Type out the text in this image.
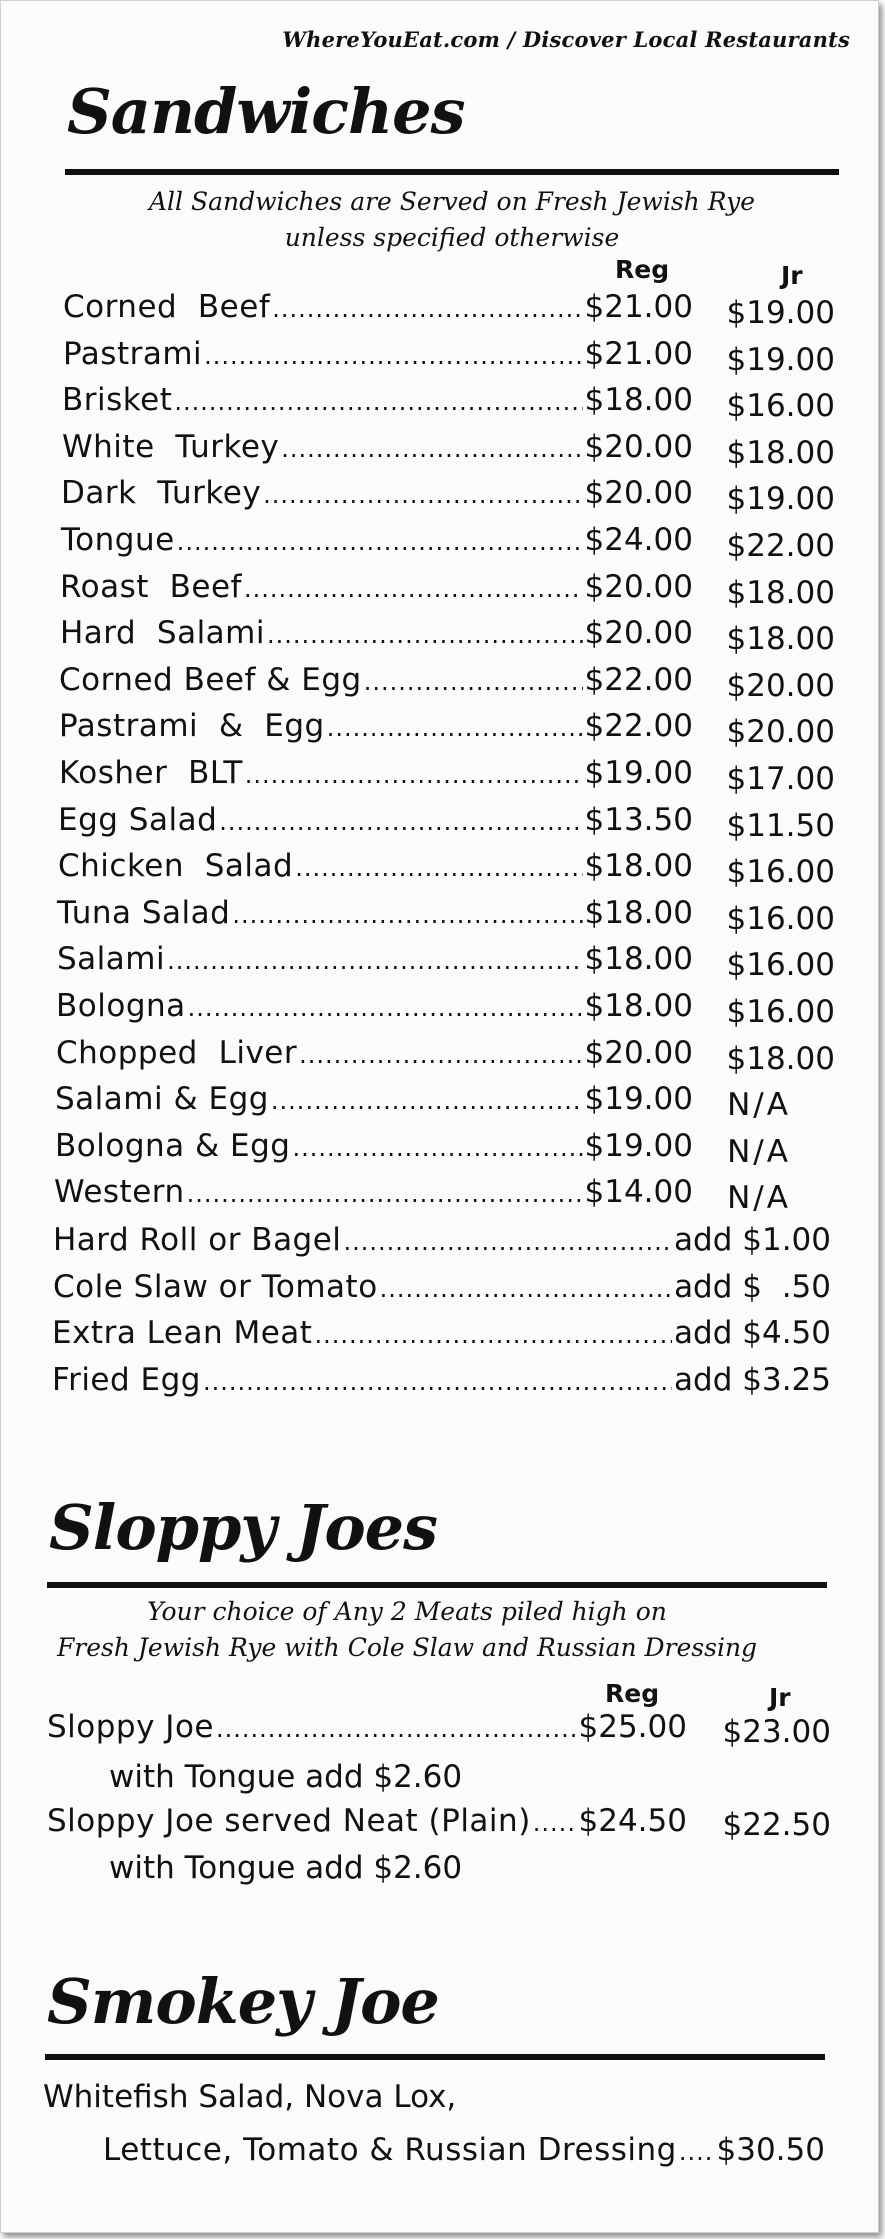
WhereYouEat.com / Discover Local Restaurants
Sandwiches
All Sandwiches are Served on Fresh Jewish Rye
unless specified otherwise
Reg	Jr
Corned  Beef .....	$21.00	$19.00
Pastrami .....	$21.00	$19.00
Brisket .....	$18.00	$16.00
White  Turkey .....	$20.00	$18.00
Dark  Turkey .....	$20.00	$19.00
Tongue .....	$24.00	$22.00
Roast  Beef .....	$20.00	$18.00
Hard  Salami .....	$20.00	$18.00
Corned Beef & Egg .....	$22.00	$20.00
Pastrami  &  Egg .....	$22.00	$20.00
Kosher  BLT .....	$19.00	$17.00
Egg Salad .....	$13.50	$11.50
Chicken  Salad .....	$18.00	$16.00
Tuna Salad .....	$18.00	$16.00
Salami .....	$18.00	$16.00
Bologna .....	$18.00	$16.00
Chopped  Liver .....	$20.00	$18.00
Salami & Egg .....	$19.00	N/A
Bologna & Egg .....	$19.00	N/A
Western .....	$14.00	N/A
Hard Roll or Bagel .....	add $1.00
Cole Slaw or Tomato .....	add $  .50
Extra Lean Meat .....	add $4.50
Fried Egg .....	add $3.25
Sloppy Joes
Your choice of Any 2 Meats piled high on
Fresh Jewish Rye with Cole Slaw and Russian Dressing
Reg	Jr
Sloppy Joe .....	$25.00	$23.00
with Tongue add $2.60
Sloppy Joe served Neat (Plain) ..... $24.50	$22.50
with Tongue add $2.60
Smokey Joe
Whitefish Salad, Nova Lox,
Lettuce, Tomato & Russian Dressing ..... $30.50
